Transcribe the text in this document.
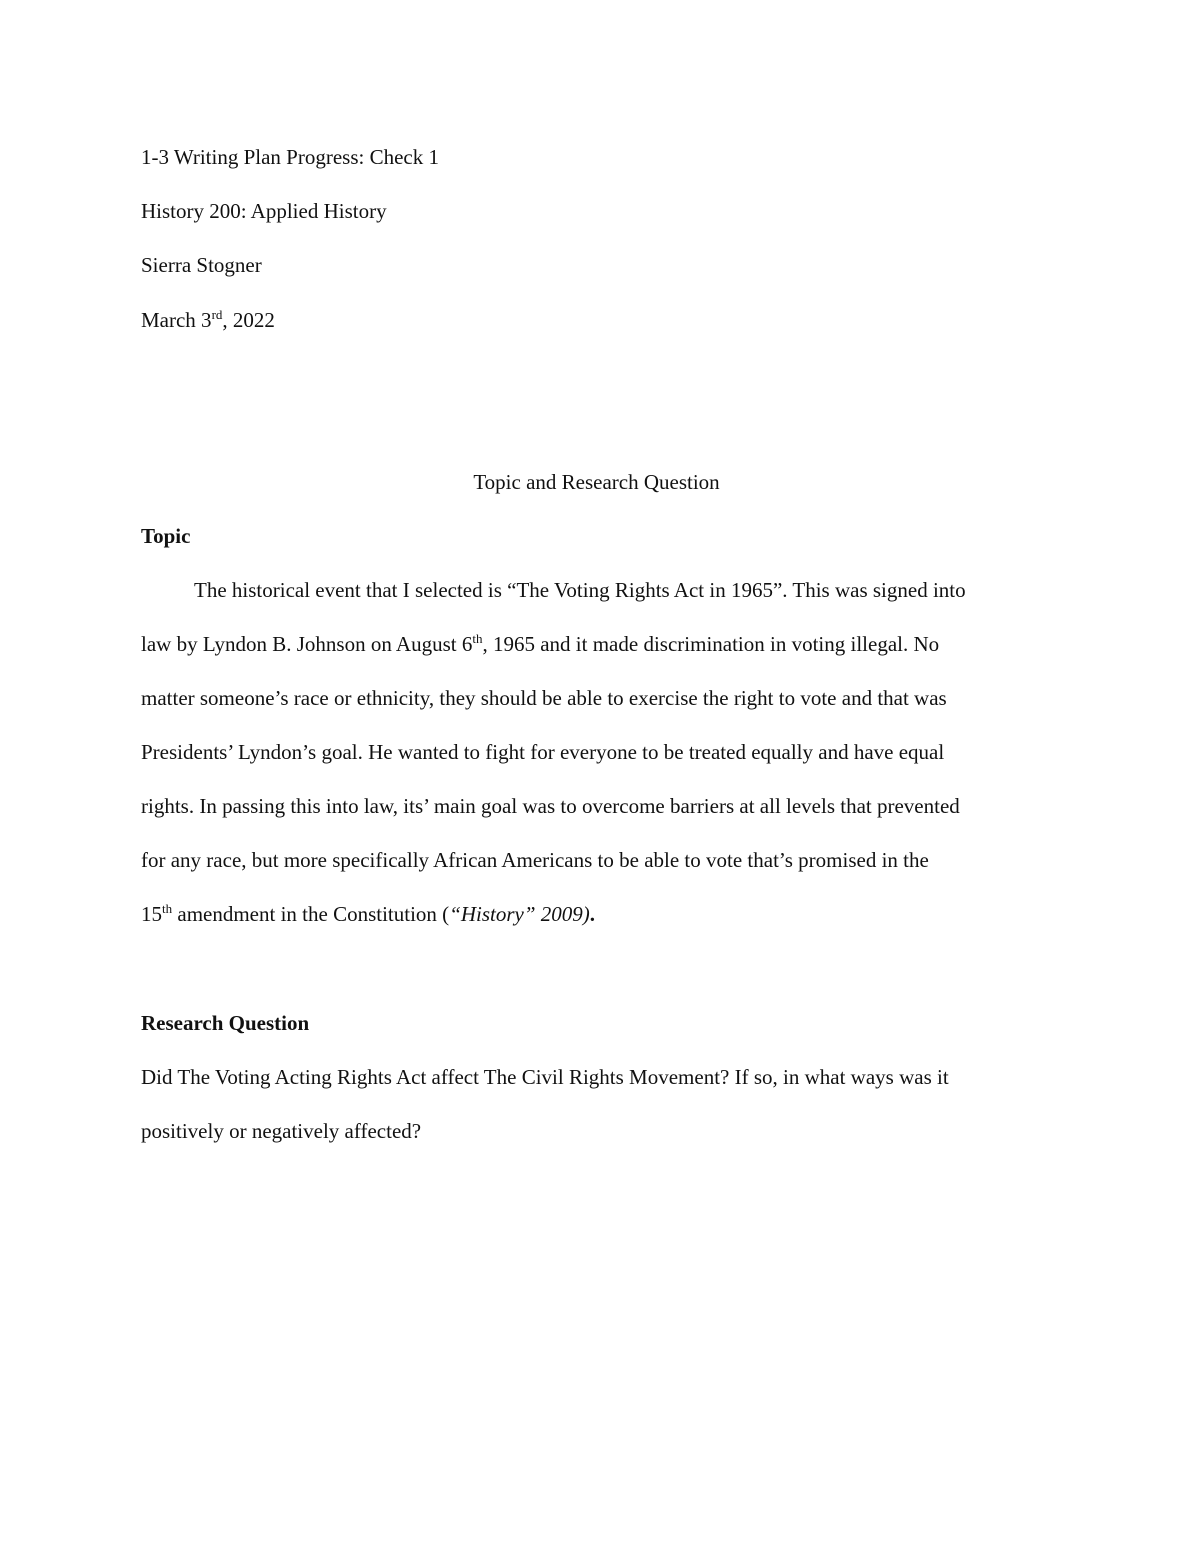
1-3 Writing Plan Progress: Check 1
History 200: Applied History
Sierra Stogner
March 3rd, 2022
Topic and Research Question
Topic
The historical event that I selected is “The Voting Rights Act in 1965”. This was signed into
law by Lyndon B. Johnson on August 6th, 1965 and it made discrimination in voting illegal. No
matter someone’s race or ethnicity, they should be able to exercise the right to vote and that was
Presidents’ Lyndon’s goal. He wanted to fight for everyone to be treated equally and have equal
rights. In passing this into law, its’ main goal was to overcome barriers at all levels that prevented
for any race, but more specifically African Americans to be able to vote that’s promised in the
15th amendment in the Constitution (“History” 2009).
Research Question
Did The Voting Acting Rights Act affect The Civil Rights Movement? If so, in what ways was it
positively or negatively affected?
